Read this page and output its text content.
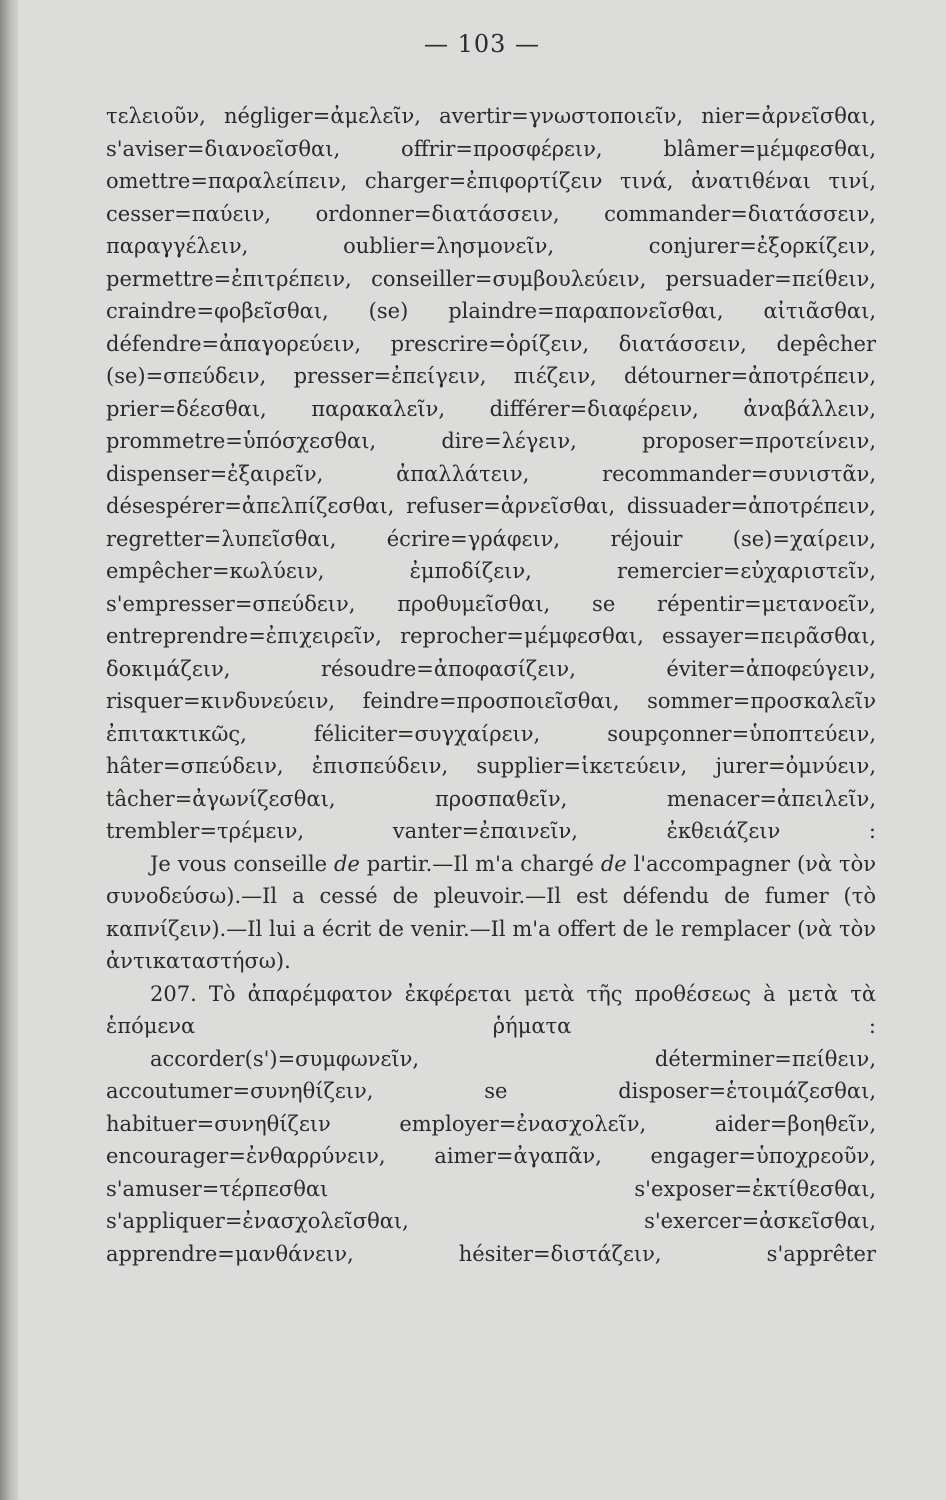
— 103 —

τελειοῦν, négliger=ἀμελεῖν, avertir=γνωστοποιεῖν, nier=ἀρνεῖσθαι, s'aviser=διανοεῖσθαι, offrir=προσφέρειν, blâmer=μέμφεσθαι, omettre=παραλείπειν, charger=ἐπιφορτίζειν τινά, ἀνατιθέναι τινί, cesser=παύειν, ordonner=διατάσσειν, commander=διατάσσειν, παραγγέλειν, oublier=λησμονεῖν, conjurer=ἐξορκίζειν, permettre=ἐπιτρέπειν, conseiller=συμβουλεύειν, persuader=πείθειν, craindre=φοβεῖσθαι, (se) plaindre=παραπονεῖσθαι, αἰτιᾶσθαι, défendre=ἀπαγορεύειν, prescrire=ὁρίζειν, διατάσσειν, depêcher (se)=σπεύδειν, presser=ἐπείγειν, πιέζειν, détourner=ἀποτρέπειν, prier=δέεσθαι, παρακαλεῖν, différer=διαφέρειν, ἀναβάλλειν, prommetre=ὑπόσχεσθαι, dire=λέγειν, proposer=προτείνειν, dispenser=ἐξαιρεῖν, ἀπαλλάτειν, recommander=συνιστᾶν, désespérer=ἀπελπίζεσθαι, refuser=ἀρνεῖσθαι, dissuader=ἀποτρέπειν, regretter=λυπεῖσθαι, écrire=γράφειν, réjouir (se)=χαίρειν, empêcher=κωλύειν, ἐμποδίζειν, remercier=εὐχαριστεῖν, s'empresser=σπεύδειν, προθυμεῖσθαι, se répentir=μετανοεῖν, entreprendre=ἐπιχειρεῖν, reprocher=μέμφεσθαι, essayer=πειρᾶσθαι, δοκιμάζειν, résoudre=ἀποφασίζειν, éviter=ἀποφεύγειν, risquer=κινδυνεύειν, feindre=προσποιεῖσθαι, sommer=προσκαλεῖν ἐπιτακτικῶς, féliciter=συγχαίρειν, soupçonner=ὑποπτεύειν, hâter=σπεύδειν, ἐπισπεύδειν, supplier=ἱκετεύειν, jurer=ὀμνύειν, tâcher=ἀγωνίζεσθαι, προσπαθεῖν, menacer=ἀπειλεῖν, trembler=τρέμειν, vanter=ἐπαινεῖν, ἐκθειάζειν :

Je vous conseille de partir.—Il m'a chargé de l'accompagner (νὰ τὸν συνοδεύσω).—Il a cessé de pleuvoir.—Il est défendu de fumer (τὸ καπνίζειν).—Il lui a écrit de venir.—Il m'a offert de le remplacer (νὰ τὸν ἀντικαταστήσω).

207. Τὸ ἀπαρέμφατον ἐκφέρεται μετὰ τῆς προθέσεως à μετὰ τὰ ἑπόμενα ῥήματα :

accorder(s')=συμφωνεῖν, déterminer=πείθειν, accoutumer=συνηθίζειν, se disposer=ἑτοιμάζεσθαι, habituer=συνηθίζειν employer=ἐνασχολεῖν, aider=βοηθεῖν, encourager=ἐνθαρρύνειν, aimer=ἀγαπᾶν, engager=ὑποχρεοῦν, s'amuser=τέρπεσθαι s'exposer=ἐκτίθεσθαι, s'appliquer=ἐνασχολεῖσθαι, s'exercer=ἀσκεῖσθαι, apprendre=μανθάνειν, hésiter=διστάζειν, s'apprêter
